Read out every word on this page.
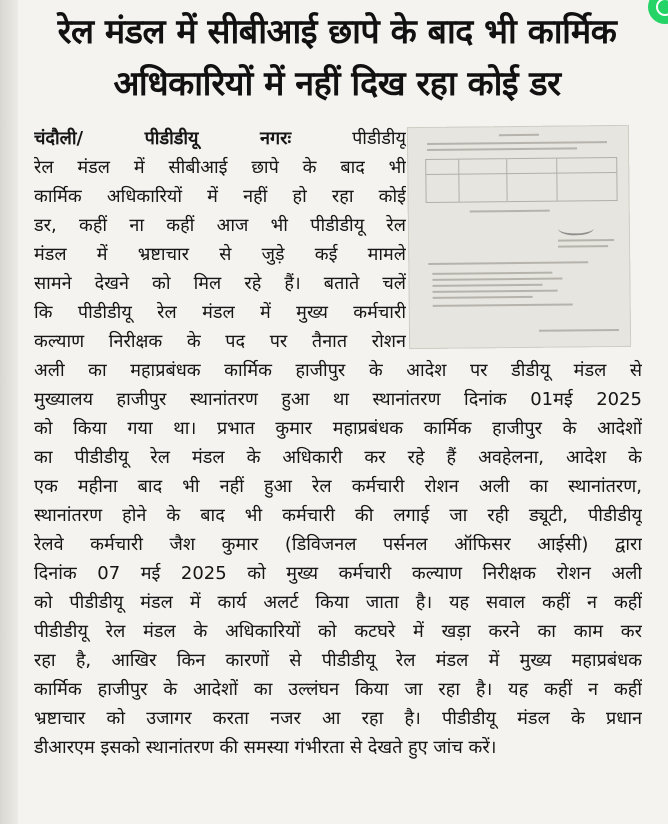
रेल मंडल में सीबीआई छापे के बाद भी कार्मिक
अधिकारियों में नहीं दिख रहा कोई डर
चंदौली/ पीडीडीयू नगरः	पीडीडीयू
रेल मंडल में सीबीआई छापे के बाद भी
कार्मिक अधिकारियों में नहीं हो रहा कोई
डर, कहीं ना कहीं आज भी पीडीडीयू रेल
मंडल में भ्रष्टाचार से जुड़े कई मामले
सामने देखने को मिल रहे हैं। बताते चलें
कि पीडीडीयू रेल मंडल में मुख्य कर्मचारी
कल्याण निरीक्षक के पद पर तैनात रोशन
अली का महाप्रबंधक कार्मिक हाजीपुर के आदेश पर डीडीयू मंडल से
मुख्यालय हाजीपुर स्थानांतरण हुआ था स्थानांतरण दिनांक 01मई 2025
को किया गया था। प्रभात कुमार महाप्रबंधक कार्मिक हाजीपुर के आदेशों
का पीडीडीयू रेल मंडल के अधिकारी कर रहे हैं अवहेलना, आदेश के
एक महीना बाद भी नहीं हुआ रेल कर्मचारी रोशन अली का स्थानांतरण,
स्थानांतरण होने के बाद भी कर्मचारी की लगाई जा रही ड्यूटी, पीडीडीयू
रेलवे कर्मचारी जैश कुमार (डिविजनल पर्सनल ऑफिसर आईसी) द्वारा
दिनांक 07 मई 2025 को मुख्य कर्मचारी कल्याण निरीक्षक रोशन अली
को पीडीडीयू मंडल में कार्य अलर्ट किया जाता है। यह सवाल कहीं न कहीं
पीडीडीयू रेल मंडल के अधिकारियों को कटघरे में खड़ा करने का काम कर
रहा है, आखिर किन कारणों से पीडीडीयू रेल मंडल में मुख्य महाप्रबंधक
कार्मिक हाजीपुर के आदेशों का उल्लंघन किया जा रहा है। यह कहीं न कहीं
भ्रष्टाचार को उजागर करता नजर आ रहा है। पीडीडीयू मंडल के प्रधान
डीआरएम इसको स्थानांतरण की समस्या गंभीरता से देखते हुए जांच करें।
